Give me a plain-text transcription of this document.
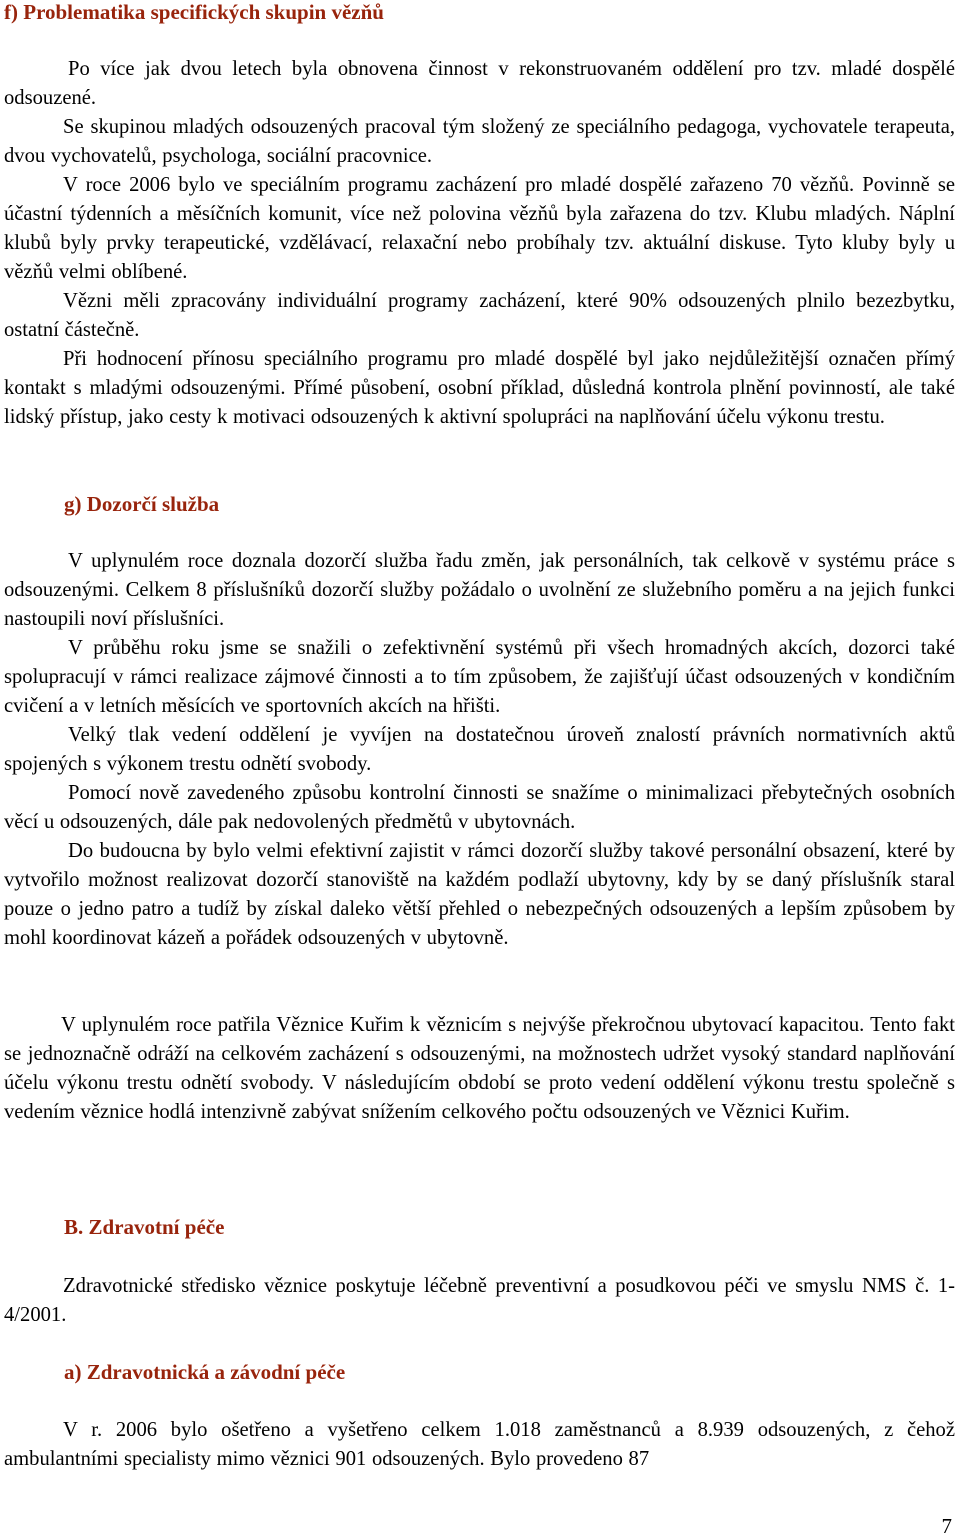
f) Problematika specifických skupin vězňů

Po více jak dvou letech byla obnovena činnost v rekonstruovaném oddělení pro tzv. mladé dospělé odsouzené.

Se skupinou mladých odsouzených pracoval tým složený ze speciálního pedagoga, vychovatele terapeuta, dvou vychovatelů, psychologa, sociální pracovnice.

V roce 2006 bylo ve speciálním programu zacházení pro mladé dospělé zařazeno 70 vězňů. Povinně se účastní týdenních a měsíčních komunit, více než polovina vězňů byla zařazena do tzv. Klubu mladých. Náplní klubů byly prvky terapeutické, vzdělávací, relaxační nebo probíhaly tzv. aktuální diskuse. Tyto kluby byly u vězňů velmi oblíbené.

Vězni měli zpracovány individuální programy zacházení, které 90% odsouzených plnilo bezezbytku, ostatní částečně.

Při hodnocení přínosu speciálního programu pro mladé dospělé byl jako nejdůležitější označen přímý kontakt s mladými odsouzenými. Přímé působení, osobní příklad, důsledná kontrola plnění povinností, ale také lidský přístup, jako cesty k motivaci odsouzených k aktivní spolupráci na naplňování účelu výkonu trestu.

g) Dozorčí služba

V uplynulém roce doznala dozorčí služba řadu změn, jak personálních, tak celkově v systému práce s odsouzenými. Celkem 8 příslušníků dozorčí služby požádalo o uvolnění ze služebního poměru a na jejich funkci nastoupili noví příslušníci.

V průběhu roku jsme se snažili o zefektivnění systémů při všech hromadných akcích, dozorci také spolupracují v rámci realizace zájmové činnosti a to tím způsobem, že zajišťují účast odsouzených v kondičním cvičení a v letních měsících ve sportovních akcích na hřišti.

Velký tlak vedení oddělení je vyvíjen na dostatečnou úroveň znalostí právních normativních aktů spojených s výkonem trestu odnětí svobody.

Pomocí nově zavedeného způsobu kontrolní činnosti se snažíme o minimalizaci přebytečných osobních věcí u odsouzených, dále pak nedovolených předmětů v ubytovnách.

Do budoucna by bylo velmi efektivní zajistit v rámci dozorčí služby takové personální obsazení, které by vytvořilo možnost realizovat dozorčí stanoviště na každém podlaží ubytovny, kdy by se daný příslušník staral pouze o jedno patro a tudíž by získal daleko větší přehled o nebezpečných odsouzených a lepším způsobem by mohl koordinovat kázeň a pořádek odsouzených v ubytovně.

V uplynulém roce patřila Věznice Kuřim k věznicím s nejvýše překročnou ubytovací kapacitou. Tento fakt se jednoznačně odráží na celkovém zacházení s odsouzenými, na možnostech udržet vysoký standard naplňování účelu výkonu trestu odnětí svobody. V následujícím období se proto vedení oddělení výkonu trestu společně s vedením věznice hodlá intenzivně zabývat snížením celkového počtu odsouzených ve Věznici Kuřim.

B. Zdravotní péče

Zdravotnické středisko věznice poskytuje léčebně preventivní a posudkovou péči ve smyslu NMS č. 1- 4/2001.

a) Zdravotnická a závodní péče

V r. 2006 bylo ošetřeno a vyšetřeno celkem 1.018 zaměstnanců a 8.939 odsouzených, z čehož ambulantními specialisty mimo věznici 901 odsouzených. Bylo provedeno 87

7
